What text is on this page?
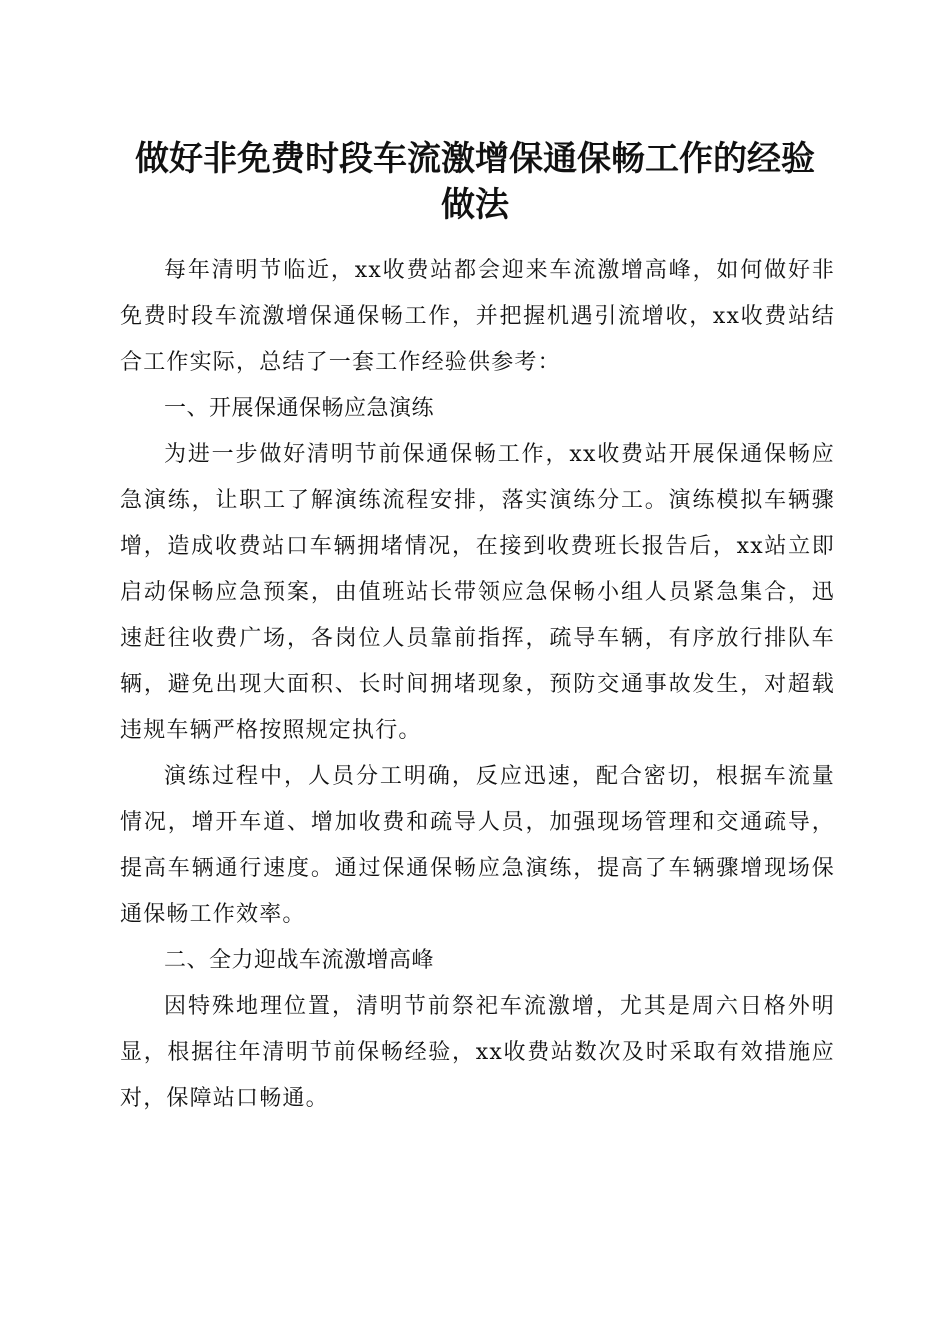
做好非免费时段车流激增保通保畅工作的经验
做法

每年清明节临近，xx收费站都会迎来车流激增高峰，如何做好非免费时段车流激增保通保畅工作，并把握机遇引流增收，xx收费站结合工作实际，总结了一套工作经验供参考：

一、开展保通保畅应急演练

为进一步做好清明节前保通保畅工作，xx收费站开展保通保畅应急演练，让职工了解演练流程安排，落实演练分工。演练模拟车辆骤增，造成收费站口车辆拥堵情况，在接到收费班长报告后，xx站立即启动保畅应急预案，由值班站长带领应急保畅小组人员紧急集合，迅速赶往收费广场，各岗位人员靠前指挥，疏导车辆，有序放行排队车辆，避免出现大面积、长时间拥堵现象，预防交通事故发生，对超载违规车辆严格按照规定执行。

演练过程中，人员分工明确，反应迅速，配合密切，根据车流量情况，增开车道、增加收费和疏导人员，加强现场管理和交通疏导，提高车辆通行速度。通过保通保畅应急演练，提高了车辆骤增现场保通保畅工作效率。

二、全力迎战车流激增高峰

因特殊地理位置，清明节前祭祀车流激增，尤其是周六日格外明显，根据往年清明节前保畅经验，xx收费站数次及时采取有效措施应对，保障站口畅通。
